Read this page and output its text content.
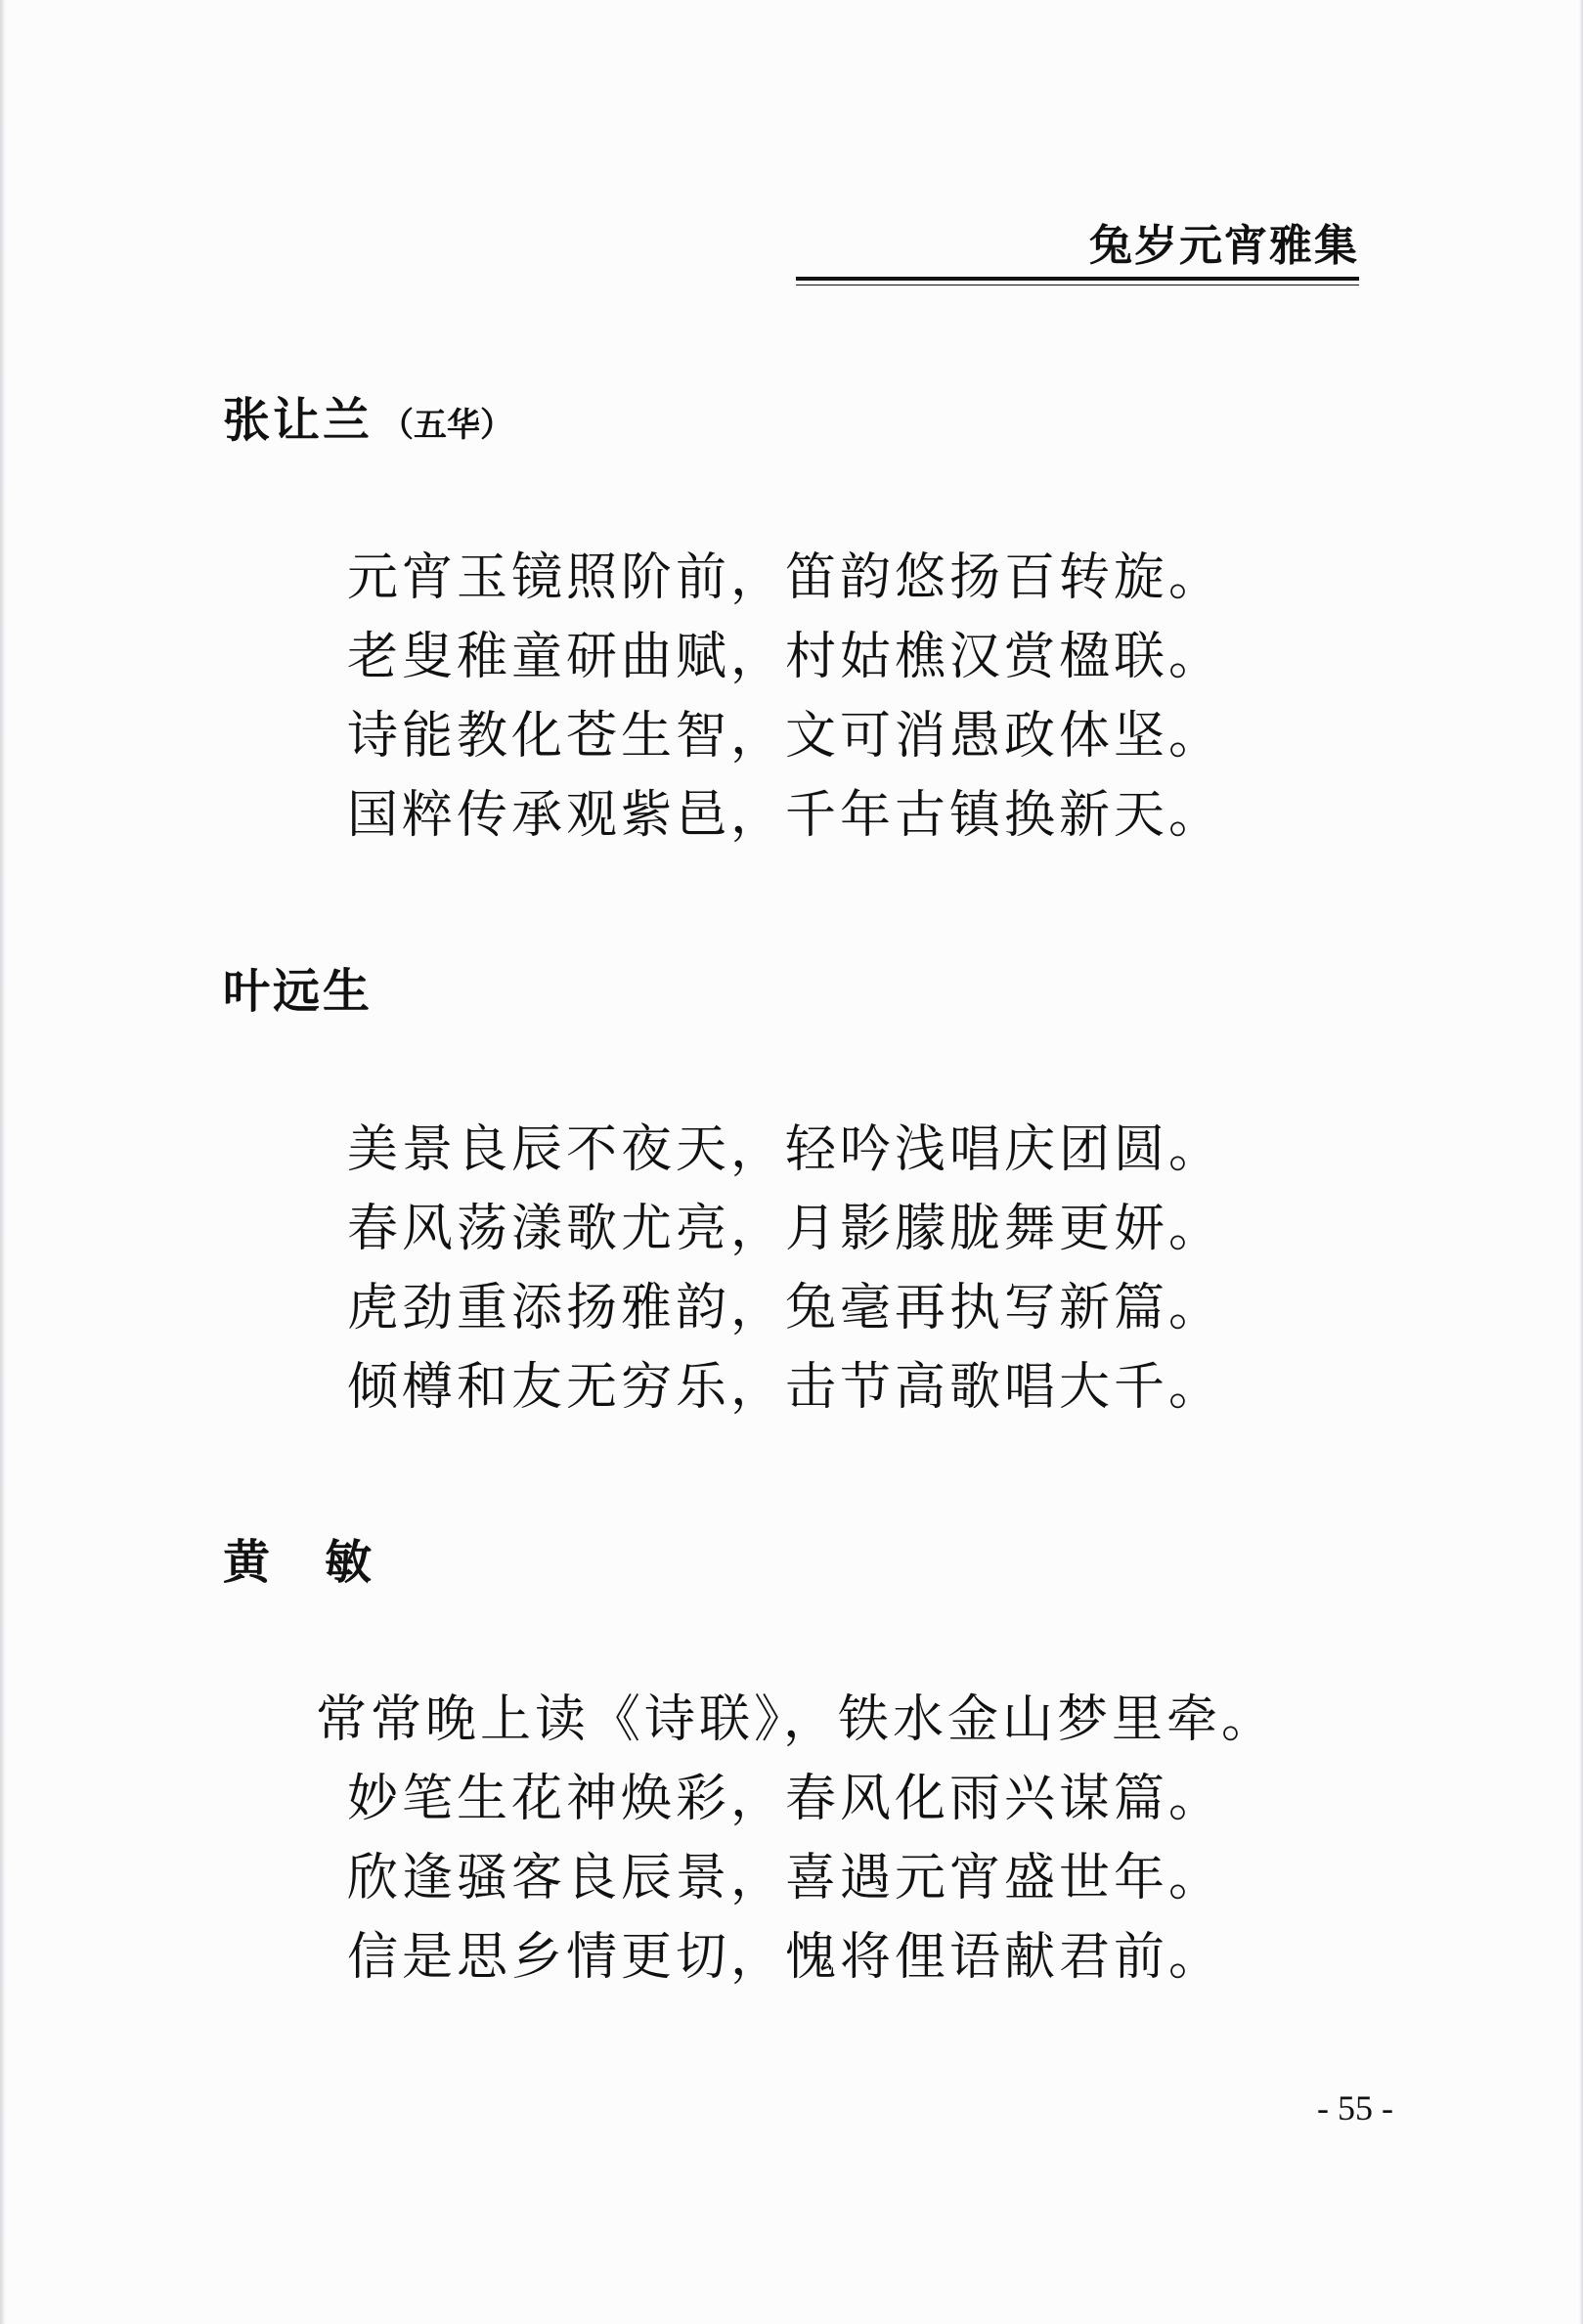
兔岁元宵雅集
张让兰 （五华）
元宵玉镜照阶前，笛韵悠扬百转旋。
老叟稚童研曲赋，村姑樵汉赏楹联。
诗能教化苍生智，文可消愚政体坚。
国粹传承观紫邑，千年古镇换新天。
叶远生
美景良辰不夜天，轻吟浅唱庆团圆。
春风荡漾歌尤亮，月影朦胧舞更妍。
虎劲重添扬雅韵，兔毫再执写新篇。
倾樽和友无穷乐，击节高歌唱大千。
黄敏
常常晚上读《诗联》，铁水金山梦里牵。
妙笔生花神焕彩，春风化雨兴谋篇。
欣逢骚客良辰景，喜遇元宵盛世年。
信是思乡情更切，愧将俚语献君前。
- 55 -
